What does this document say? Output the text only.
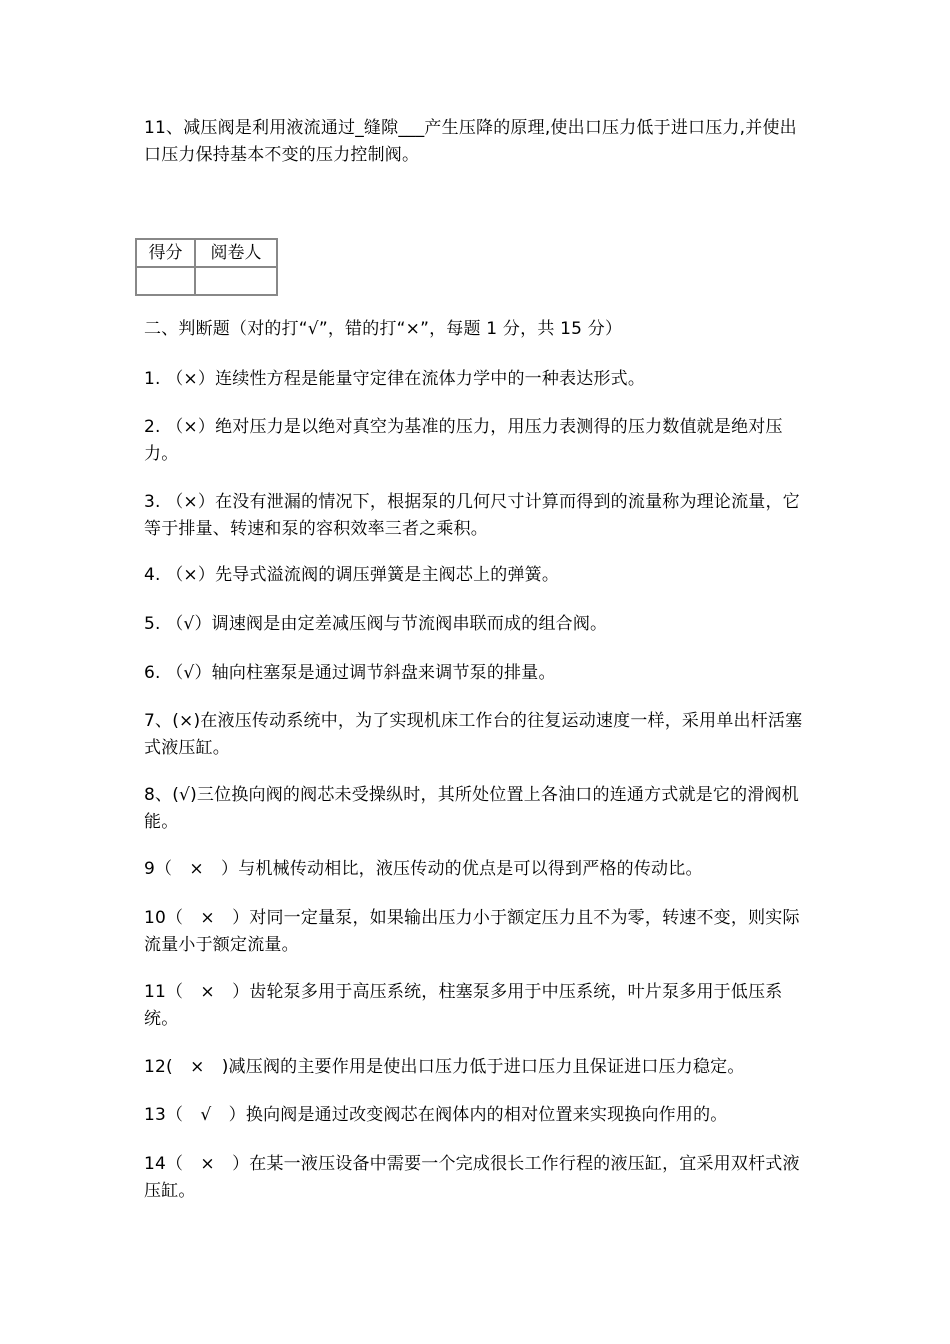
11、减压阀是利用液流通过_缝隙___产生压降的原理,使出口压力低于进口压力,并使出口压力保持基本不变的压力控制阀。

得分	阅卷人

二、判断题（对的打“√”，错的打“×”，每题 1 分，共 15 分）

1. （×）连续性方程是能量守定律在流体力学中的一种表达形式。

2. （×）绝对压力是以绝对真空为基准的压力，用压力表测得的压力数值就是绝对压力。

3. （×）在没有泄漏的情况下，根据泵的几何尺寸计算而得到的流量称为理论流量，它等于排量、转速和泵的容积效率三者之乘积。

4. （×）先导式溢流阀的调压弹簧是主阀芯上的弹簧。

5. （√）调速阀是由定差减压阀与节流阀串联而成的组合阀。

6. （√）轴向柱塞泵是通过调节斜盘来调节泵的排量。

7、(×)在液压传动系统中，为了实现机床工作台的往复运动速度一样，采用单出杆活塞式液压缸。

8、(√)三位换向阀的阀芯未受操纵时，其所处位置上各油口的连通方式就是它的滑阀机能。

9（　×　）与机械传动相比，液压传动的优点是可以得到严格的传动比。

10（　×　）对同一定量泵，如果输出压力小于额定压力且不为零，转速不变，则实际流量小于额定流量。

11（　×　）齿轮泵多用于高压系统，柱塞泵多用于中压系统，叶片泵多用于低压系统。

12(　×　)减压阀的主要作用是使出口压力低于进口压力且保证进口压力稳定。

13（　√　）换向阀是通过改变阀芯在阀体内的相对位置来实现换向作用的。

14（　×　）在某一液压设备中需要一个完成很长工作行程的液压缸，宜采用双杆式液压缸。
